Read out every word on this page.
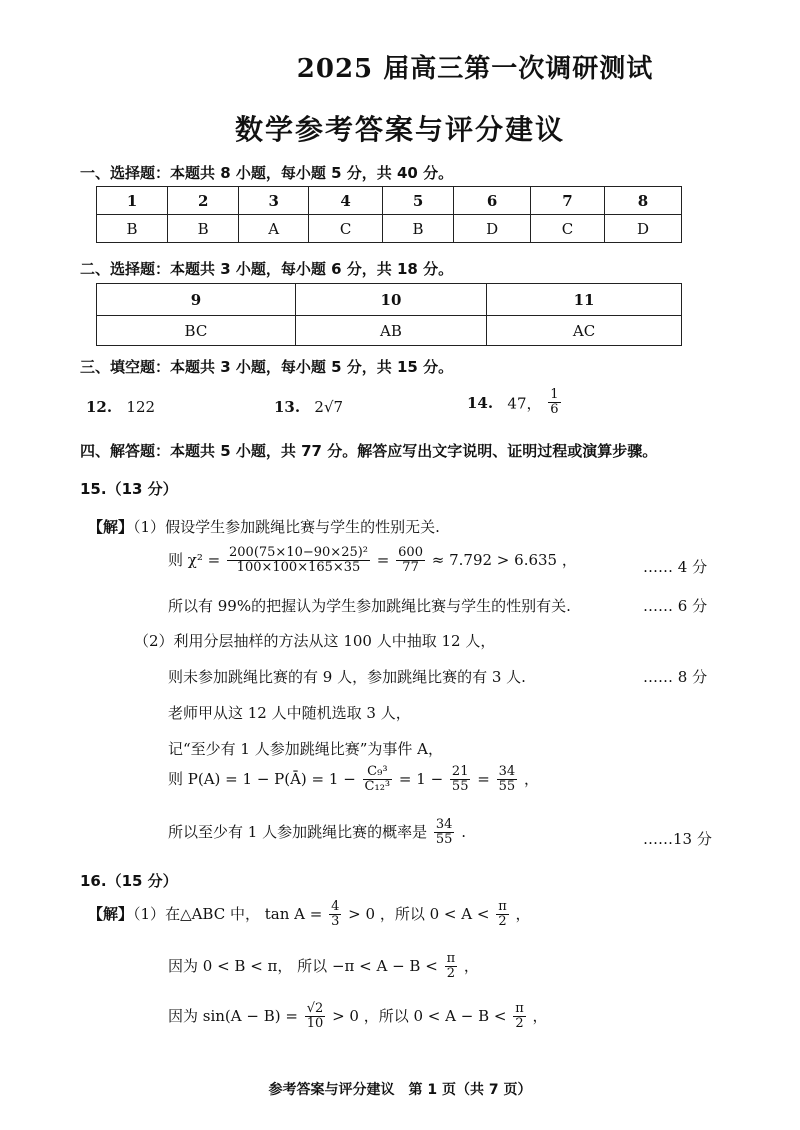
2025 届高三第一次调研测试
数学参考答案与评分建议
一、选择题：本题共 8 小题，每小题 5 分，共 40 分。
1	2	3	4	5	6	7	8
B	B	A	C	B	D	C	D
二、选择题：本题共 3 小题，每小题 6 分，共 18 分。
9	10	11
BC	AB	AC
三、填空题：本题共 3 小题，每小题 5 分，共 15 分。
12. 122	13. 2√7	14. 47， $\frac{1}{6}$
四、解答题：本题共 5 小题，共 77 分。解答应写出文字说明、证明过程或演算步骤。
15.（13 分）
【解】（1）假设学生参加跳绳比赛与学生的性别无关.
则 $\chi^2 = \frac{\text{200(75×10−90×25)²}}{100\times 100\times 165\times 35} = \frac{600}{77} \approx 7.792 > 6.635$ ，	…… 4 分
所以有 99%的把握认为学生参加跳绳比赛与学生的性别有关.	…… 6 分
（2）利用分层抽样的方法从这 100 人中抽取 12 人，
则未参加跳绳比赛的有 9 人，参加跳绳比赛的有 3 人.	…… 8 分
老师甲从这 12 人中随机选取 3 人，
记“至少有 1 人参加跳绳比赛”为事件 A，
则 P(A) = 1 − P(Ā) = $1 - \frac{\text{C₉³}}{\text{C₁₂³}} = 1 - \frac{21}{55} = \frac{34}{55}$ ，
所以至少有 1 人参加跳绳比赛的概率是 $\frac{34}{55}$ .	……13 分
16.（15 分）
【解】（1）在△ABC 中， $\tan A = \frac{4}{3} > 0$ ，所以 $0 < A < \frac{\pi}{2}$ ，
因为 0 < B < π， 所以 $-\pi < A - B < \frac{\pi}{2}$ ，
因为 $\sin(A - B) = \frac{√2}{10} > 0$ ，所以 $0 < A - B < \frac{\pi}{2}$ ，
参考答案与评分建议　第 1 页（共 7 页）
